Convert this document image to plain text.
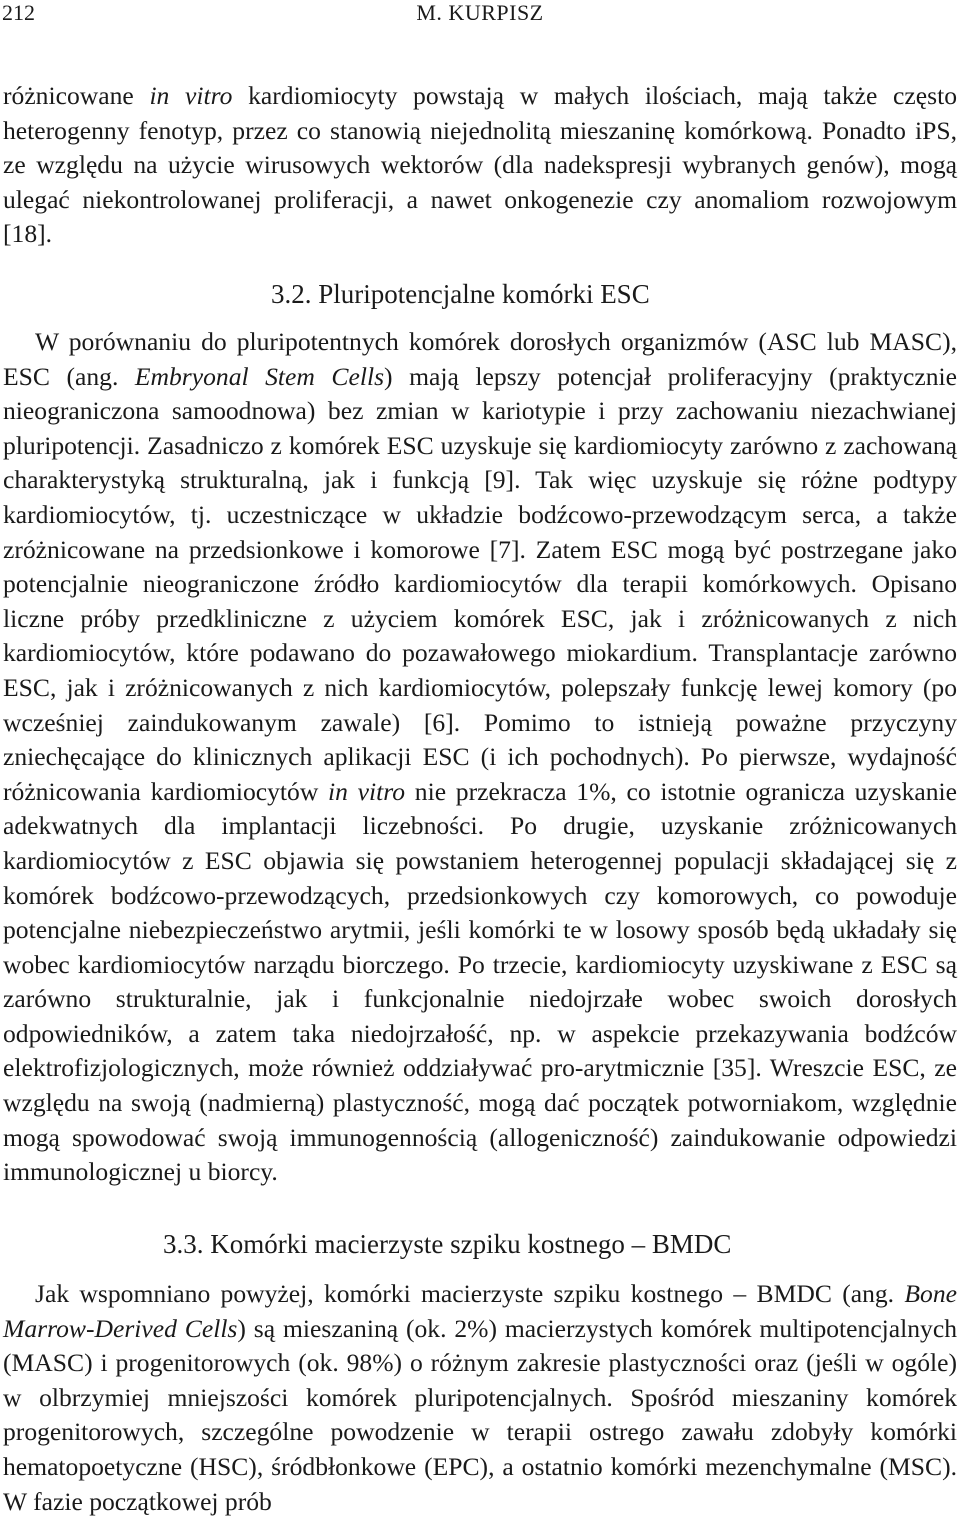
212	M. KURPISZ

różnicowane in vitro kardiomiocyty powstają w małych ilościach, mają także często heterogenny fenotyp, przez co stanowią niejednolitą mieszaninę komórkową. Ponadto iPS, ze względu na użycie wirusowych wektorów (dla nadekspresji wybranych genów), mogą ulegać niekontrolowanej proliferacji, a nawet onkogenezie czy anomaliom rozwojowym [18].

3.2. Pluripotencjalne komórki ESC

W porównaniu do pluripotentnych komórek dorosłych organizmów (ASC lub MASC), ESC (ang. Embryonal Stem Cells) mają lepszy potencjał proliferacyjny (praktycznie nieograniczona samoodnowa) bez zmian w kariotypie i przy zachowaniu niezachwianej pluripotencji. Zasadniczo z komórek ESC uzyskuje się kardiomiocyty zarówno z zachowaną charakterystyką strukturalną, jak i funkcją [9]. Tak więc uzyskuje się różne podtypy kardiomiocytów, tj. uczestniczące w układzie bodźcowo-przewodzącym serca, a także zróżnicowane na przedsionkowe i komorowe [7]. Zatem ESC mogą być postrzegane jako potencjalnie nieograniczone źródło kardiomiocytów dla terapii komórkowych. Opisano liczne próby przedkliniczne z użyciem komórek ESC, jak i zróżnicowanych z nich kardiomiocytów, które podawano do pozawałowego miokardium. Transplantacje zarówno ESC, jak i zróżnicowanych z nich kardiomiocytów, polepszały funkcję lewej komory (po wcześniej zaindukowanym zawale) [6]. Pomimo to istnieją poważne przyczyny zniechęcające do klinicznych aplikacji ESC (i ich pochodnych). Po pierwsze, wydajność różnicowania kardiomiocytów in vitro nie przekracza 1%, co istotnie ogranicza uzyskanie adekwatnych dla implantacji liczebności. Po drugie, uzyskanie zróżnicowanych kardiomiocytów z ESC objawia się powstaniem heterogennej populacji składającej się z komórek bodźcowo-przewodzących, przedsionkowych czy komorowych, co powoduje potencjalne niebezpieczeństwo arytmii, jeśli komórki te w losowy sposób będą układały się wobec kardiomiocytów narządu biorczego. Po trzecie, kardiomiocyty uzyskiwane z ESC są zarówno strukturalnie, jak i funkcjonalnie niedojrzałe wobec swoich dorosłych odpowiedników, a zatem taka niedojrzałość, np. w aspekcie przekazywania bodźców elektrofizjologicznych, może również oddziaływać pro-arytmicznie [35]. Wreszcie ESC, ze względu na swoją (nadmierną) plastyczność, mogą dać początek potworniakom, względnie mogą spowodować swoją immunogennością (allogeniczność) zaindukowanie odpowiedzi immunologicznej u biorcy.

3.3. Komórki macierzyste szpiku kostnego – BMDC

Jak wspomniano powyżej, komórki macierzyste szpiku kostnego – BMDC (ang. Bone Marrow-Derived Cells) są mieszaniną (ok. 2%) macierzystych komórek multipotencjalnych (MASC) i progenitorowych (ok. 98%) o różnym zakresie plastyczności oraz (jeśli w ogóle) w olbrzymiej mniejszości komórek pluripotencjalnych. Spośród mieszaniny komórek progenitorowych, szczególne powodzenie w terapii ostrego zawału zdobyły komórki hematopoetyczne (HSC), śródbłonkowe (EPC), a ostatnio komórki mezenchymalne (MSC). W fazie początkowej prób
